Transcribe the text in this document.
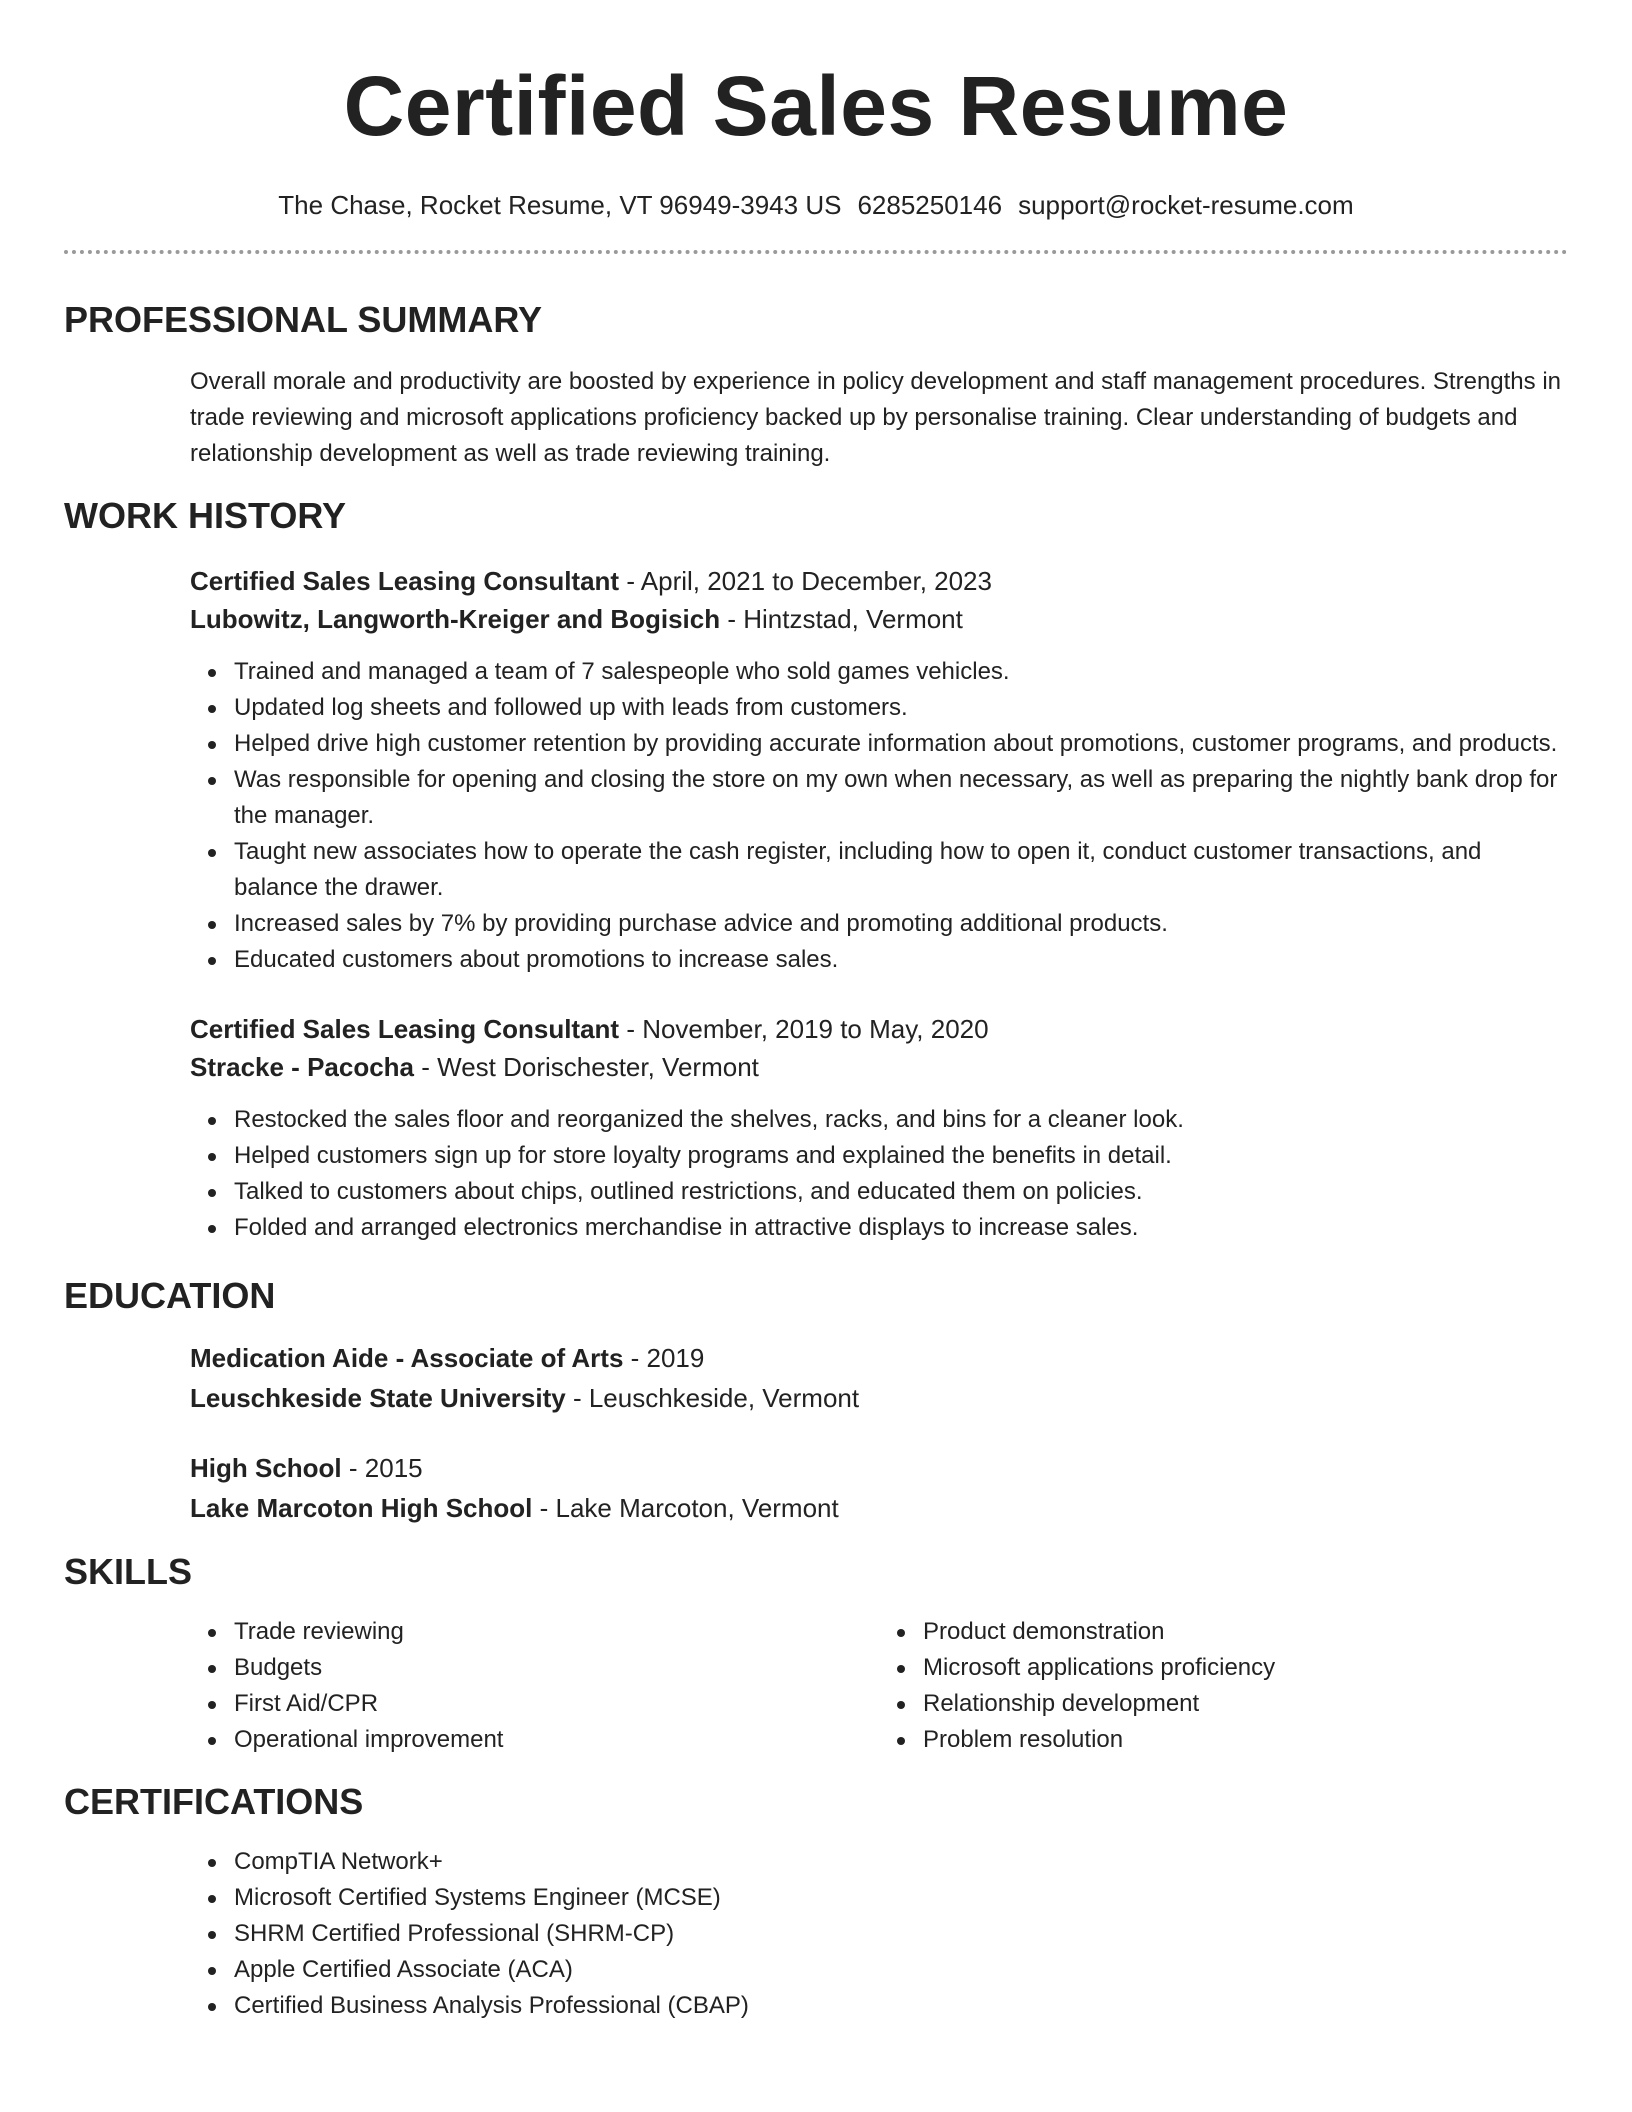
Certified Sales Resume
The Chase, Rocket Resume, VT 96949-3943 US 6285250146 support@rocket-resume.com
PROFESSIONAL SUMMARY
Overall morale and productivity are boosted by experience in policy development and staff management procedures. Strengths in trade reviewing and microsoft applications proficiency backed up by personalise training. Clear understanding of budgets and relationship development as well as trade reviewing training.
WORK HISTORY
Certified Sales Leasing Consultant - April, 2021 to December, 2023
Lubowitz, Langworth-Kreiger and Bogisich - Hintzstad, Vermont
Trained and managed a team of 7 salespeople who sold games vehicles.
Updated log sheets and followed up with leads from customers.
Helped drive high customer retention by providing accurate information about promotions, customer programs, and products.
Was responsible for opening and closing the store on my own when necessary, as well as preparing the nightly bank drop for the manager.
Taught new associates how to operate the cash register, including how to open it, conduct customer transactions, and balance the drawer.
Increased sales by 7% by providing purchase advice and promoting additional products.
Educated customers about promotions to increase sales.
Certified Sales Leasing Consultant - November, 2019 to May, 2020
Stracke - Pacocha - West Dorischester, Vermont
Restocked the sales floor and reorganized the shelves, racks, and bins for a cleaner look.
Helped customers sign up for store loyalty programs and explained the benefits in detail.
Talked to customers about chips, outlined restrictions, and educated them on policies.
Folded and arranged electronics merchandise in attractive displays to increase sales.
EDUCATION
Medication Aide - Associate of Arts - 2019
Leuschkeside State University - Leuschkeside, Vermont
High School - 2015
Lake Marcoton High School - Lake Marcoton, Vermont
SKILLS
Trade reviewing
Budgets
First Aid/CPR
Operational improvement
Product demonstration
Microsoft applications proficiency
Relationship development
Problem resolution
CERTIFICATIONS
CompTIA Network+
Microsoft Certified Systems Engineer (MCSE)
SHRM Certified Professional (SHRM-CP)
Apple Certified Associate (ACA)
Certified Business Analysis Professional (CBAP)
